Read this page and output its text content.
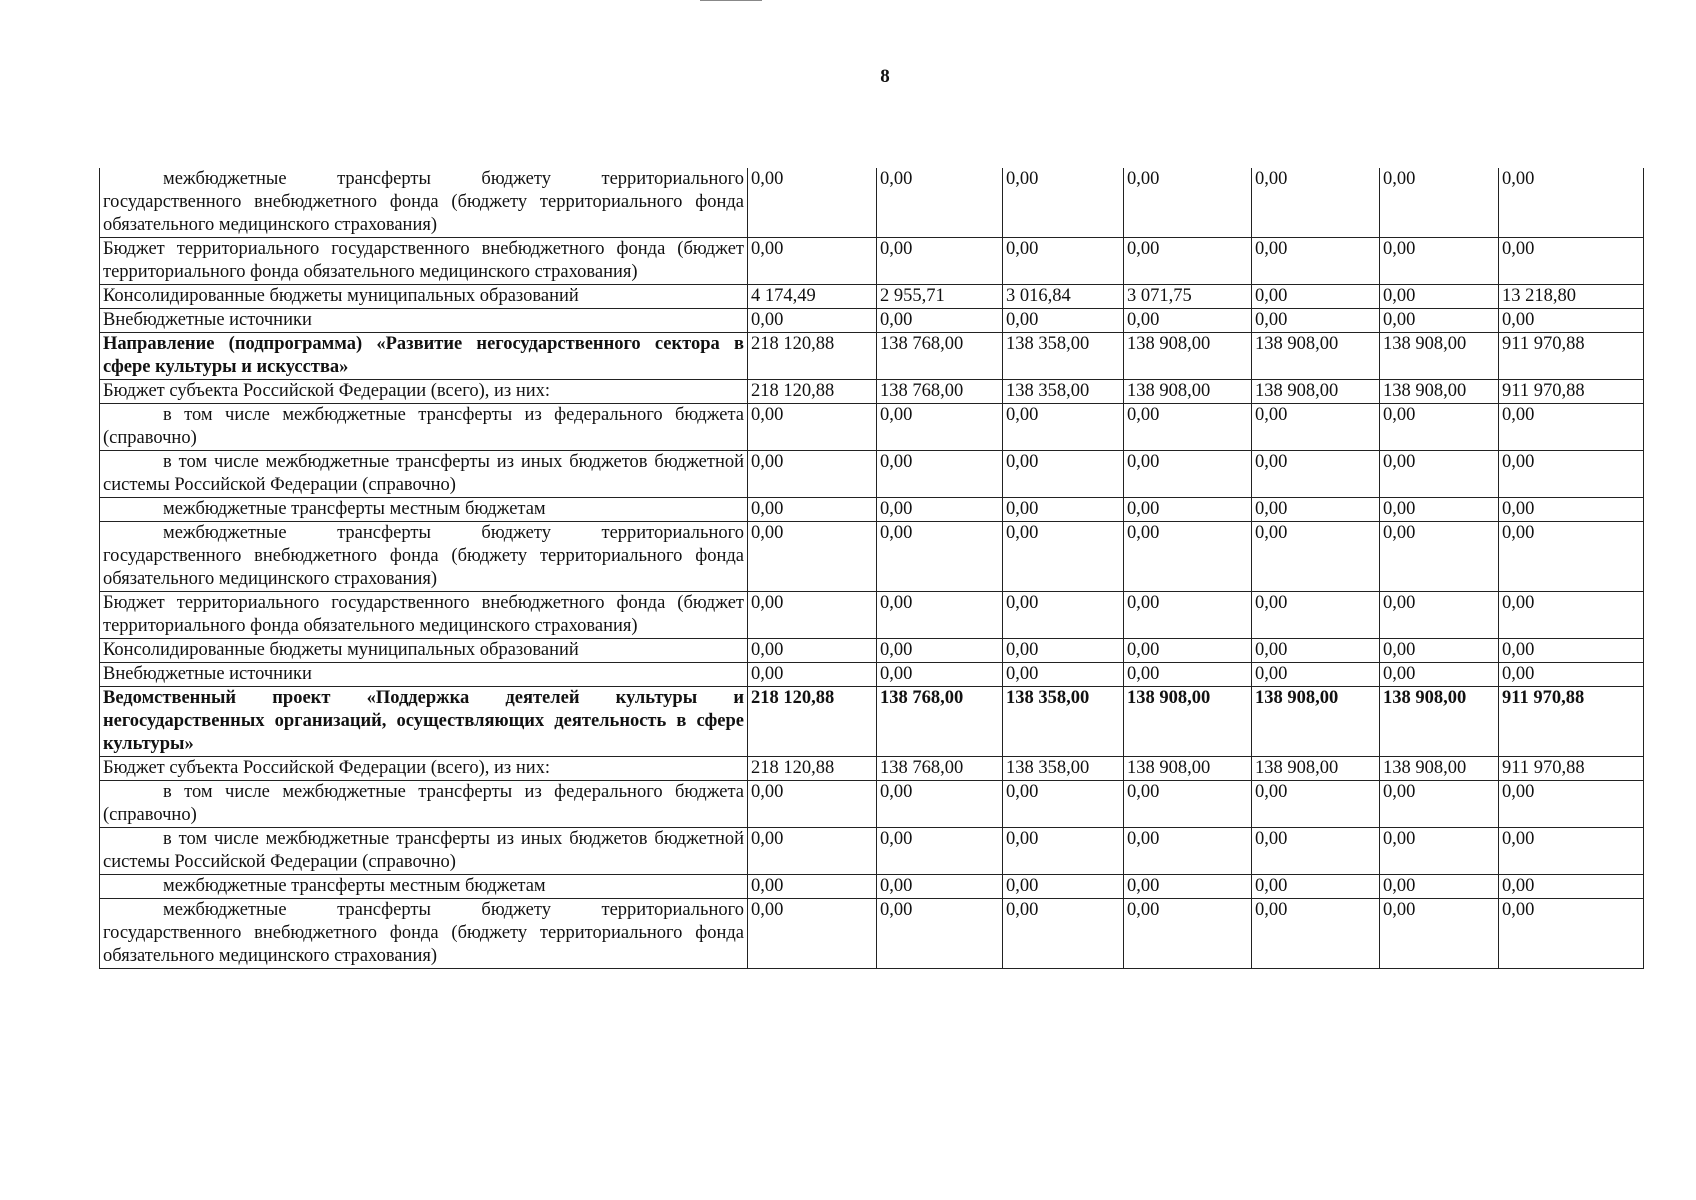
8
межбюджетные трансферты бюджету территориального государственного внебюджетного фонда (бюджету территориального фонда обязательного медицинского страхования)	0,00	0,00	0,00	0,00	0,00	0,00	0,00
Бюджет территориального государственного внебюджетного фонда (бюджет территориального фонда обязательного медицинского страхования)	0,00	0,00	0,00	0,00	0,00	0,00	0,00
Консолидированные бюджеты муниципальных образований	4 174,49	2 955,71	3 016,84	3 071,75	0,00	0,00	13 218,80
Внебюджетные источники	0,00	0,00	0,00	0,00	0,00	0,00	0,00
Направление (подпрограмма) «Развитие негосударственного сектора в сфере культуры и искусства»	218 120,88	138 768,00	138 358,00	138 908,00	138 908,00	138 908,00	911 970,88
Бюджет субъекта Российской Федерации (всего), из них:	218 120,88	138 768,00	138 358,00	138 908,00	138 908,00	138 908,00	911 970,88
в том числе межбюджетные трансферты из федерального бюджета (справочно)	0,00	0,00	0,00	0,00	0,00	0,00	0,00
в том числе межбюджетные трансферты из иных бюджетов бюджетной системы Российской Федерации (справочно)	0,00	0,00	0,00	0,00	0,00	0,00	0,00
межбюджетные трансферты местным бюджетам	0,00	0,00	0,00	0,00	0,00	0,00	0,00
межбюджетные трансферты бюджету территориального государственного внебюджетного фонда (бюджету территориального фонда обязательного медицинского страхования)	0,00	0,00	0,00	0,00	0,00	0,00	0,00
Бюджет территориального государственного внебюджетного фонда (бюджет территориального фонда обязательного медицинского страхования)	0,00	0,00	0,00	0,00	0,00	0,00	0,00
Консолидированные бюджеты муниципальных образований	0,00	0,00	0,00	0,00	0,00	0,00	0,00
Внебюджетные источники	0,00	0,00	0,00	0,00	0,00	0,00	0,00
Ведомственный проект «Поддержка деятелей культуры и негосударственных организаций, осуществляющих деятельность в сфере культуры»	218 120,88	138 768,00	138 358,00	138 908,00	138 908,00	138 908,00	911 970,88
Бюджет субъекта Российской Федерации (всего), из них:	218 120,88	138 768,00	138 358,00	138 908,00	138 908,00	138 908,00	911 970,88
в том числе межбюджетные трансферты из федерального бюджета (справочно)	0,00	0,00	0,00	0,00	0,00	0,00	0,00
в том числе межбюджетные трансферты из иных бюджетов бюджетной системы Российской Федерации (справочно)	0,00	0,00	0,00	0,00	0,00	0,00	0,00
межбюджетные трансферты местным бюджетам	0,00	0,00	0,00	0,00	0,00	0,00	0,00
межбюджетные трансферты бюджету территориального государственного внебюджетного фонда (бюджету территориального фонда обязательного медицинского страхования)	0,00	0,00	0,00	0,00	0,00	0,00	0,00
